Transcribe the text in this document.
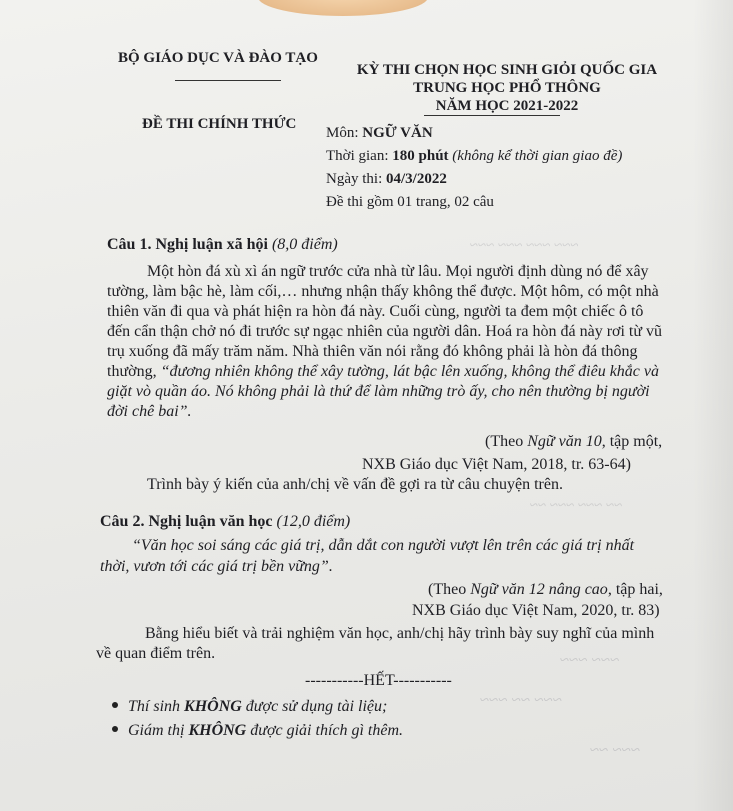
~~~ ~~~ ~~~ ~~~
~~ ~~~ ~~~ ~~
~~~ ~~~
~~~ ~~ ~~~
~~~ ~~
BỘ GIÁO DỤC VÀ ĐÀO TẠO
ĐỀ THI CHÍNH THỨC
KỲ THI CHỌN HỌC SINH GIỎI QUỐC GIA
TRUNG HỌC PHỔ THÔNG
NĂM HỌC 2021-2022
Môn: NGỮ VĂN
Thời gian: 180 phút (không kể thời gian giao đề)
Ngày thi: 04/3/2022
Đề thi gồm 01 trang, 02 câu
Câu 1. Nghị luận xã hội (8,0 điểm)
Một hòn đá xù xì án ngữ trước cửa nhà từ lâu. Mọi người định dùng nó để xây
tường, làm bậc hè, làm cối,… nhưng nhận thấy không thể được. Một hôm, có một nhà
thiên văn đi qua và phát hiện ra hòn đá này. Cuối cùng, người ta đem một chiếc ô tô
đến cẩn thận chở nó đi trước sự ngạc nhiên của người dân. Hoá ra hòn đá này rơi từ vũ
trụ xuống đã mấy trăm năm. Nhà thiên văn nói rằng đó không phải là hòn đá thông
thường, “đương nhiên không thể xây tường, lát bậc lên xuống, không thể điêu khắc và
giặt vò quần áo. Nó không phải là thứ để làm những trò ấy, cho nên thường bị người
đời chê bai”.
(Theo Ngữ văn 10, tập một,
NXB Giáo dục Việt Nam, 2018, tr. 63-64)
Trình bày ý kiến của anh/chị về vấn đề gợi ra từ câu chuyện trên.
Câu 2. Nghị luận văn học (12,0 điểm)
“Văn học soi sáng các giá trị, dẫn dắt con người vượt lên trên các giá trị nhất
thời, vươn tới các giá trị bền vững”.
(Theo Ngữ văn 12 nâng cao, tập hai,
NXB Giáo dục Việt Nam, 2020, tr. 83)
Bằng hiểu biết và trải nghiệm văn học, anh/chị hãy trình bày suy nghĩ của mình
về quan điểm trên.
-----------HẾT-----------
Thí sinh KHÔNG được sử dụng tài liệu;
Giám thị KHÔNG được giải thích gì thêm.
